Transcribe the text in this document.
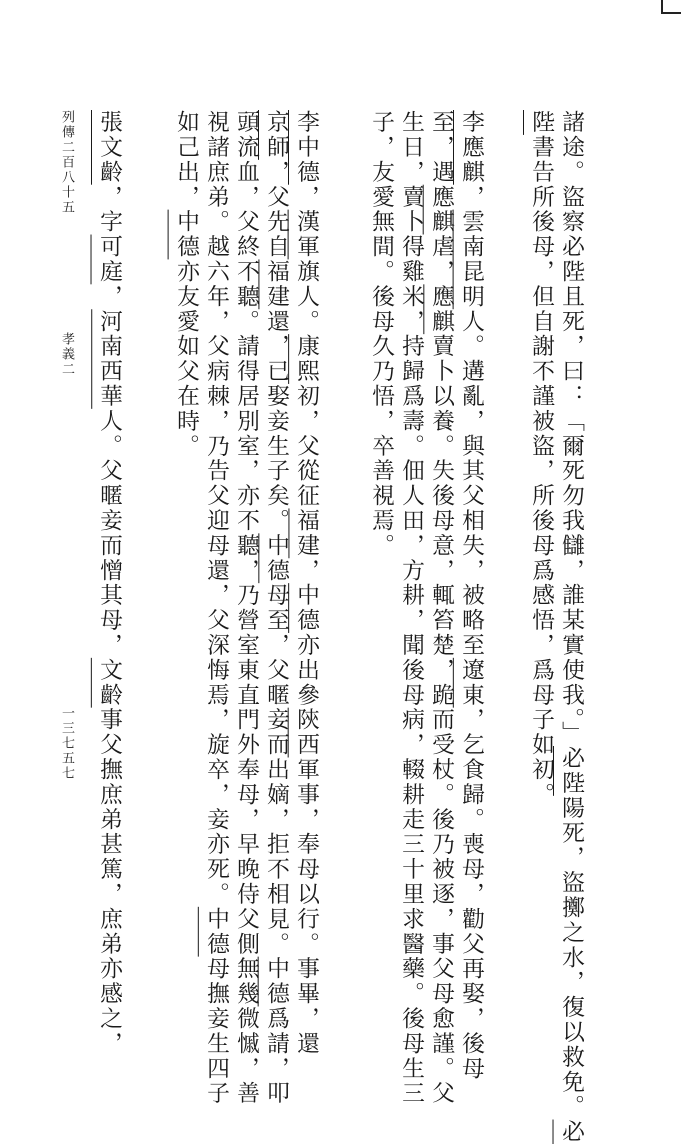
諸途。盜察必陛且死，曰：「爾死勿我讎，誰某實使我。」必陛陽死，盜擲之水，復以救免。必
陛書告所後母，但自謝不謹被盜，所後母爲感悟，爲母子如初。
李應麒，雲南昆明人。遘亂，與其父相失，被略至遼東，乞食歸。喪母，勸父再娶，後母
至，遇應麒虐，應麒賣卜以養。失後母意，輒笞楚，跪而受杖。後乃被逐，事父母愈謹。父
生日，賣卜得雞米，持歸爲壽。佃人田，方耕，聞後母病，輟耕走三十里求醫藥。後母生三
子，友愛無間。後母久乃悟，卒善視焉。
李中德，漢軍旗人。康熙初，父從征福建，中德亦出參陝西軍事，奉母以行。事畢，還
京師，父先自福建還，已娶妾生子矣。中德母至，父暱妾而出嫡，拒不相見。中德爲請，叩
頭流血，父終不聽。請得居別室，亦不聽，乃營室東直門外奉母，早晚侍父側無幾微慽，善
視諸庶弟。越六年，父病棘，乃告父迎母還，父深悔焉，旋卒，妾亦死。中德母撫妾生四子
如己出，中德亦友愛如父在時。
張文齡，字可庭，河南西華人。父暱妾而憎其母，文齡事父撫庶弟甚篤，庶弟亦感之，
列傳二百八十五
孝義二
一三七五七
